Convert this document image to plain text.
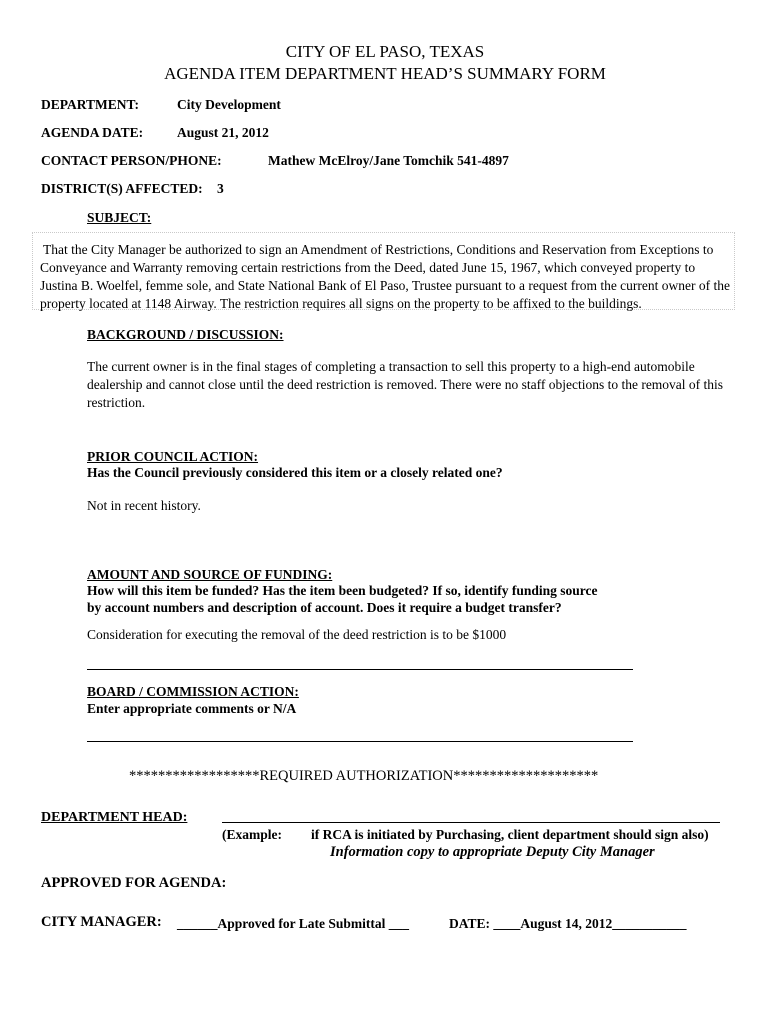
CITY OF EL PASO, TEXAS
AGENDA ITEM DEPARTMENT HEAD’S SUMMARY FORM
DEPARTMENT:	City Development
AGENDA DATE:	August 21, 2012
CONTACT PERSON/PHONE:	Mathew McElroy/Jane Tomchik 541-4897
DISTRICT(S) AFFECTED: 3
SUBJECT:
That the City Manager be authorized to sign an Amendment of Restrictions, Conditions and Reservation from Exceptions to Conveyance and Warranty removing certain restrictions from the Deed, dated June 15, 1967, which conveyed property to Justina B. Woelfel, femme sole, and State National Bank of El Paso, Trustee pursuant to a request from the current owner of the property located at 1148 Airway. The restriction requires all signs on the property to be affixed to the buildings.
BACKGROUND / DISCUSSION:
The current owner is in the final stages of completing a transaction to sell this property to a high-end automobile dealership and cannot close until the deed restriction is removed. There were no staff objections to the removal of this restriction.
PRIOR COUNCIL ACTION:
Has the Council previously considered this item or a closely related one?
Not in recent history.
AMOUNT AND SOURCE OF FUNDING:
How will this item be funded? Has the item been budgeted? If so, identify funding source
by account numbers and description of account. Does it require a budget transfer?
Consideration for executing the removal of the deed restriction is to be $1000
BOARD / COMMISSION ACTION:
Enter appropriate comments or N/A
******************REQUIRED AUTHORIZATION********************
DEPARTMENT HEAD:
(Example: if RCA is initiated by Purchasing, client department should sign also)
Information copy to appropriate Deputy City Manager
APPROVED FOR AGENDA:
CITY MANAGER: ______Approved for Late Submittal ___	DATE: ____August 14, 2012___________
